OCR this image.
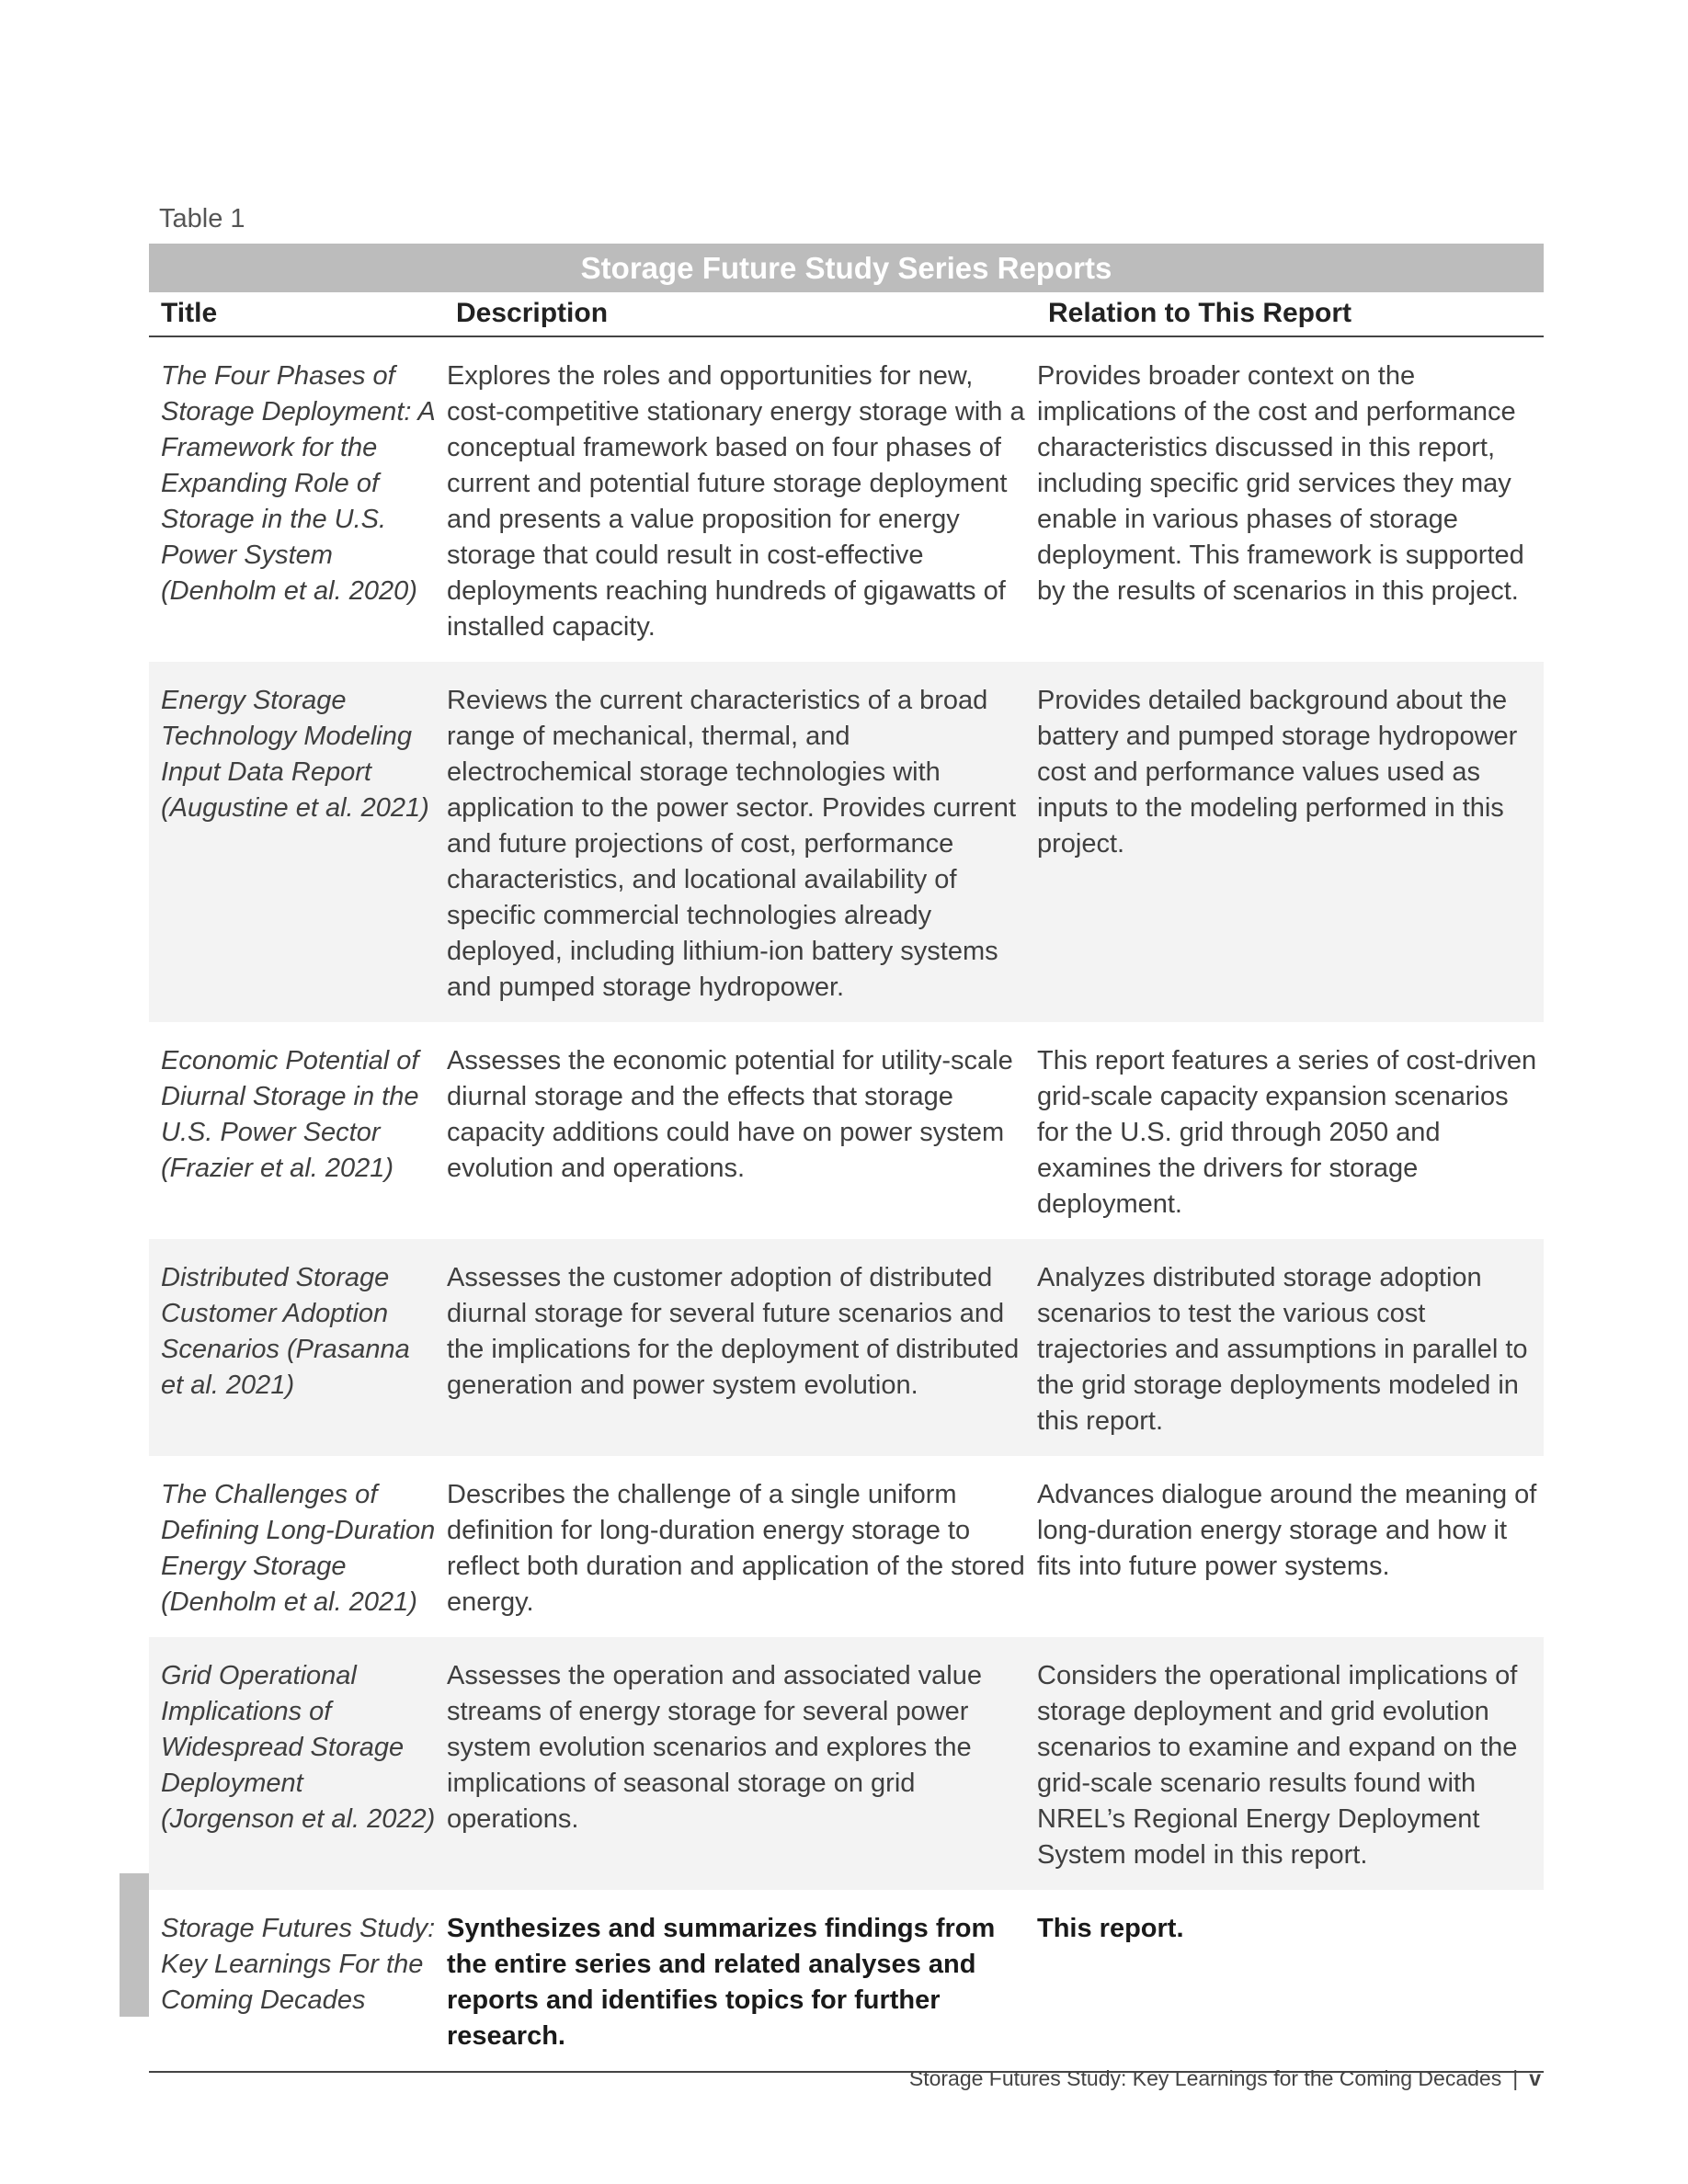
Table 1
Storage Future Study Series Reports
Title	Description	Relation to This Report
The Four Phases of Storage Deployment: A Framework for the Expanding Role of Storage in the U.S. Power System (Denholm et al. 2020)
Explores the roles and opportunities for new, cost-competitive stationary energy storage with a conceptual framework based on four phases of current and potential future storage deployment and presents a value proposition for energy storage that could result in cost-effective deployments reaching hundreds of gigawatts of installed capacity.
Provides broader context on the implications of the cost and performance characteristics discussed in this report, including specific grid services they may enable in various phases of storage deployment. This framework is supported by the results of scenarios in this project.
Energy Storage Technology Modeling Input Data Report (Augustine et al. 2021)
Reviews the current characteristics of a broad range of mechanical, thermal, and electrochemical storage technologies with application to the power sector. Provides current and future projections of cost, performance characteristics, and locational availability of specific commercial technologies already deployed, including lithium-ion battery systems and pumped storage hydropower.
Provides detailed background about the battery and pumped storage hydropower cost and performance values used as inputs to the modeling performed in this project.
Economic Potential of Diurnal Storage in the U.S. Power Sector (Frazier et al. 2021)
Assesses the economic potential for utility-scale diurnal storage and the effects that storage capacity additions could have on power system evolution and operations.
This report features a series of cost-driven grid-scale capacity expansion scenarios for the U.S. grid through 2050 and examines the drivers for storage deployment.
Distributed Storage Customer Adoption Scenarios (Prasanna et al. 2021)
Assesses the customer adoption of distributed diurnal storage for several future scenarios and the implications for the deployment of distributed generation and power system evolution.
Analyzes distributed storage adoption scenarios to test the various cost trajectories and assumptions in parallel to the grid storage deployments modeled in this report.
The Challenges of Defining Long-Duration Energy Storage (Denholm et al. 2021)
Describes the challenge of a single uniform definition for long-duration energy storage to reflect both duration and application of the stored energy.
Advances dialogue around the meaning of long-duration energy storage and how it fits into future power systems.
Grid Operational Implications of Widespread Storage Deployment (Jorgenson et al. 2022)
Assesses the operation and associated value streams of energy storage for several power system evolution scenarios and explores the implications of seasonal storage on grid operations.
Considers the operational implications of storage deployment and grid evolution scenarios to examine and expand on the grid-scale scenario results found with NREL’s Regional Energy Deployment System model in this report.
Storage Futures Study: Key Learnings For the Coming Decades
Synthesizes and summarizes findings from the entire series and related analyses and reports and identifies topics for further research.
This report.
Storage Futures Study: Key Learnings for the Coming Decades | v
